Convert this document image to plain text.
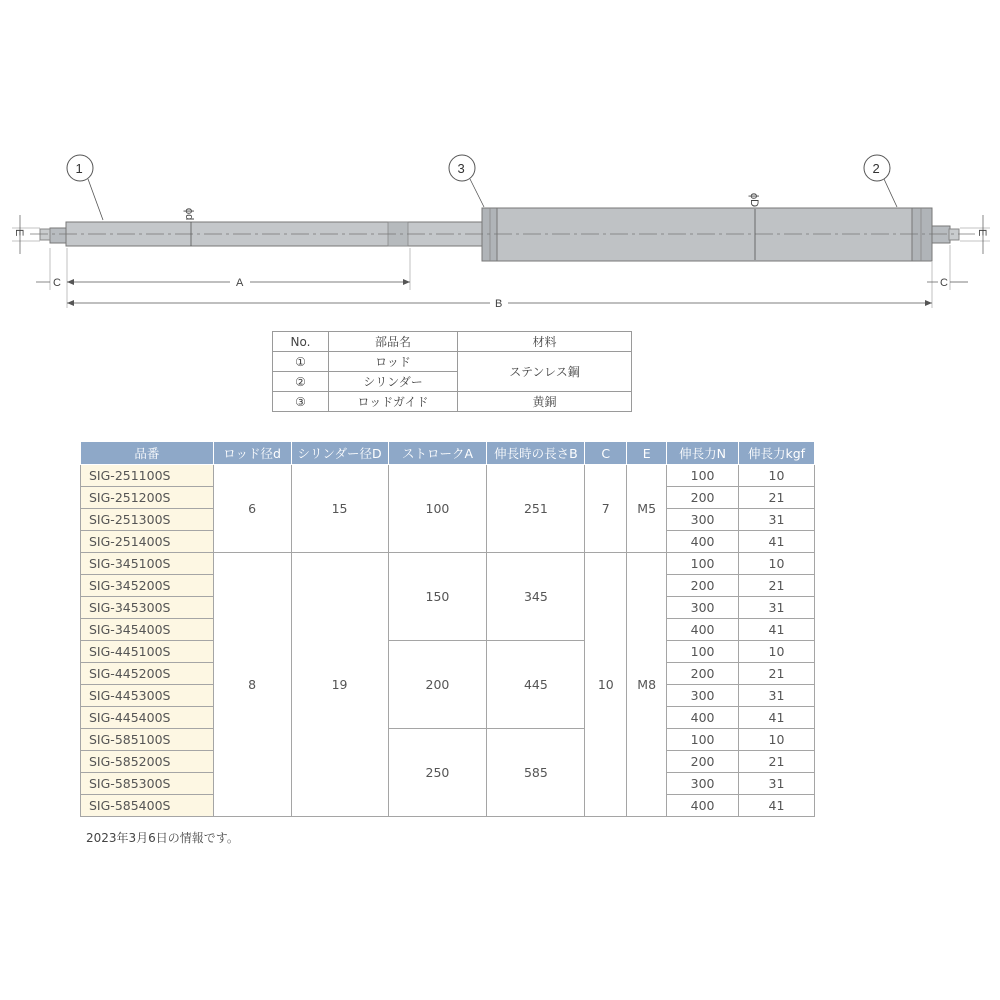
ϕd
ϕD
E	E
C	A	C
B
1	3	2
No.	部品名	材料
①	ロッド	ステンレス鋼
②	シリンダー	
③	ロッドガイド	黄銅
品番	ロッド径d	シリンダー径D	ストロークA	伸長時の長さB	C	E	伸長力N	伸長力kgf
SIG-251100S	6	15	100	251	7	M5	100	10
SIG-251200S							200	21
SIG-251300S							300	31
SIG-251400S							400	41
SIG-345100S	8	19	150	345	10	M8	100	10
SIG-345200S							200	21
SIG-345300S							300	31
SIG-345400S							400	41
SIG-445100S			200	445			100	10
SIG-445200S							200	21
SIG-445300S							300	31
SIG-445400S							400	41
SIG-585100S			250	585			100	10
SIG-585200S							200	21
SIG-585300S							300	31
SIG-585400S							400	41
2023年3月6日の情報です。
